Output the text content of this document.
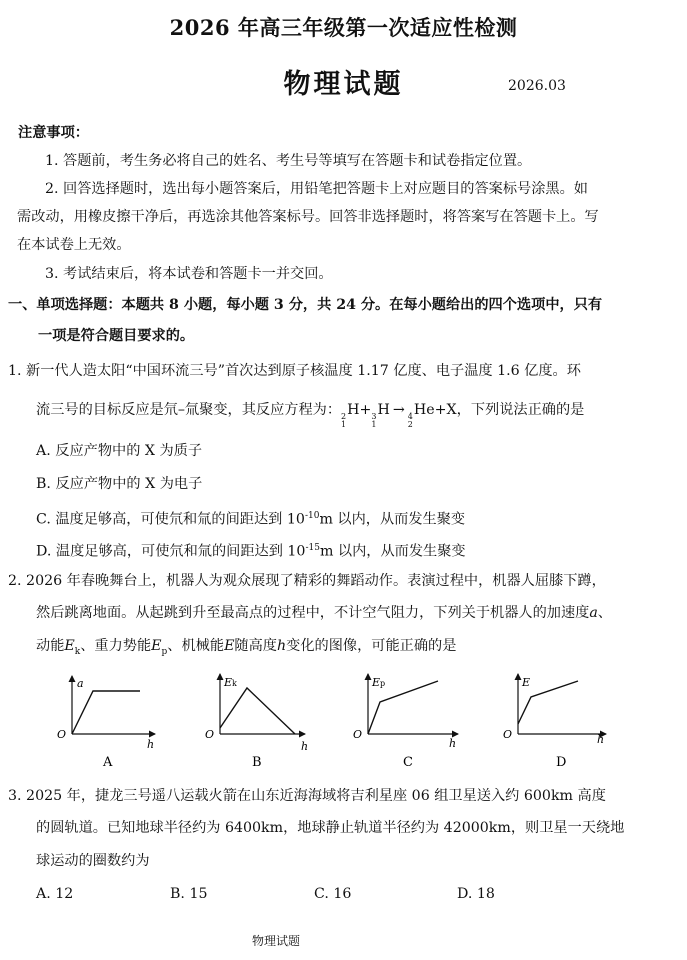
2026 年高三年级第一次适应性检测
物理试题	2026.03
注意事项：
1. 答题前，考生务必将自己的姓名、考生号等填写在答题卡和试卷指定位置。
2. 回答选择题时，选出每小题答案后，用铅笔把答题卡上对应题目的答案标号涂黑。如
需改动，用橡皮擦干净后，再选涂其他答案标号。回答非选择题时，将答案写在答题卡上。写
在本试卷上无效。
3. 考试结束后，将本试卷和答题卡一并交回。
一、单项选择题：本题共 8 小题，每小题 3 分，共 24 分。在每小题给出的四个选项中，只有
一项是符合题目要求的。
1. 新一代人造太阳“中国环流三号”首次达到原子核温度 1.17 亿度、电子温度 1.6 亿度。环
流三号的目标反应是氘–氚聚变，其反应方程为： 2
1
H+ 3
1
H → 4
2
He+X，下列说法正确的是
A. 反应产物中的 X 为质子
B. 反应产物中的 X 为电子
C. 温度足够高，可使氘和氚的间距达到 $10^{-10}m$ 以内，从而发生聚变
D. 温度足够高，可使氘和氚的间距达到 $10^{-15}m$ 以内，从而发生聚变
2. 2026 年春晚舞台上，机器人为观众展现了精彩的舞蹈动作。表演过程中，机器人屈膝下蹲，
然后跳离地面。从起跳到升至最高点的过程中，不计空气阻力，下列关于机器人的加速度a、
动能$E_k$、重力势能$E_p$、机械能E随高度h变化的图像，可能正确的是
a
h
O
A
Ek
h
O
B
Ep
h
O
C
E
h
O
D
3. 2025 年，捷龙三号遥八运载火箭在山东近海海域将吉利星座 06 组卫星送入约 600km 高度
的圆轨道。已知地球半径约为 6400km，地球静止轨道半径约为 42000km，则卫星一天绕地
球运动的圈数约为
A. 12	B. 15	C. 16	D. 18
物理试题
